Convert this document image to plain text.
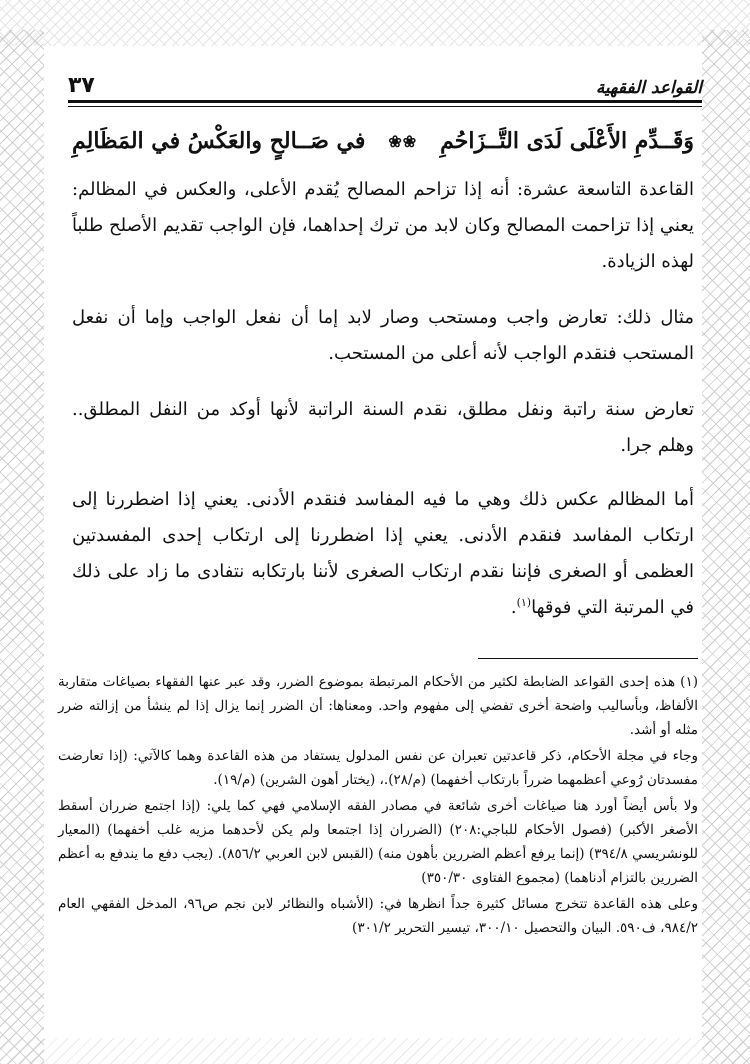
القواعد الفقهية
٣٧
وَقَــدِّمِ الأَعْلَى لَدَى التَّــزَاحُمِ
❀❀
في صَــالحٍ والعَكْسُ في المَظَالِمِ

القاعدة التاسعة عشرة: أنه إذا تزاحم المصالح يُقدم الأعلى، والعكس في المظالم: يعني إذا تزاحمت المصالح وكان لابد من ترك إحداهما، فإن الواجب تقديم الأصلح طلباً لهذه الزيادة.

مثال ذلك: تعارض واجب ومستحب وصار لابد إما أن نفعل الواجب وإما أن نفعل المستحب فنقدم الواجب لأنه أعلى من المستحب.

تعارض سنة راتبة ونفل مطلق، نقدم السنة الراتبة لأنها أوكد من النفل المطلق.. وهلم جرا.

أما المظالم عكس ذلك وهي ما فيه المفاسد فنقدم الأدنى. يعني إذا اضطررنا إلى ارتكاب المفاسد فنقدم الأدنى. يعني إذا اضطررنا إلى ارتكاب إحدى المفسدتين العظمى أو الصغرى فإننا نقدم ارتكاب الصغرى لأننا بارتكابه نتفادى ما زاد على ذلك في المرتبة التي فوقها$^{(١)}$.

(١) هذه إحدى القواعد الضابطة لكثير من الأحكام المرتبطة بموضوع الضرر، وقد عبر عنها الفقهاء بصياغات متقاربة الألفاظ، وبأساليب واضحة أخرى تفضي إلى مفهوم واحد. ومعناها: أن الضرر إنما يزال إذا لم ينشأ من إزالته ضرر مثله أو أشد.

وجاء في مجلة الأحكام، ذكر قاعدتين تعبران عن نفس المدلول يستفاد من هذه القاعدة وهما كالآتي: (إذا تعارضت مفسدتان رُوعي أعظمهما ضرراً بارتكاب أخفهما) (م/٢٨).، (يختار أهون الشرين) (م/١٩).

ولا بأس أيضاً أورد هنا صياغات أخرى شائعة في مصادر الفقه الإسلامي فهي كما يلي: (إذا اجتمع ضرران أسقط الأصغر الأكبر) (فصول الأحكام للباجي:٢٠٨) (الضرران إذا اجتمعا ولم يكن لأحدهما مزيه غلب أخفهما) (المعيار للونشريسي ٣٩٤/٨) (إنما يرفع أعظم الضررين بأهون منه) (القبس لابن العربي ٨٥٦/٢). (يجب دفع ما يندفع به أعظم الضررين بالتزام أدناهما) (مجموع الفتاوى ٣٥٠/٣٠)

وعلى هذه القاعدة تتخرج مسائل كثيرة جداً انظرها في: (الأشباه والنظائر لابن نجم ص٩٦، المدخل الفقهي العام ٩٨٤/٢، ف٥٩٠. البيان والتحصيل ٣٠٠/١٠، تيسير التحرير ٣٠١/٢)
